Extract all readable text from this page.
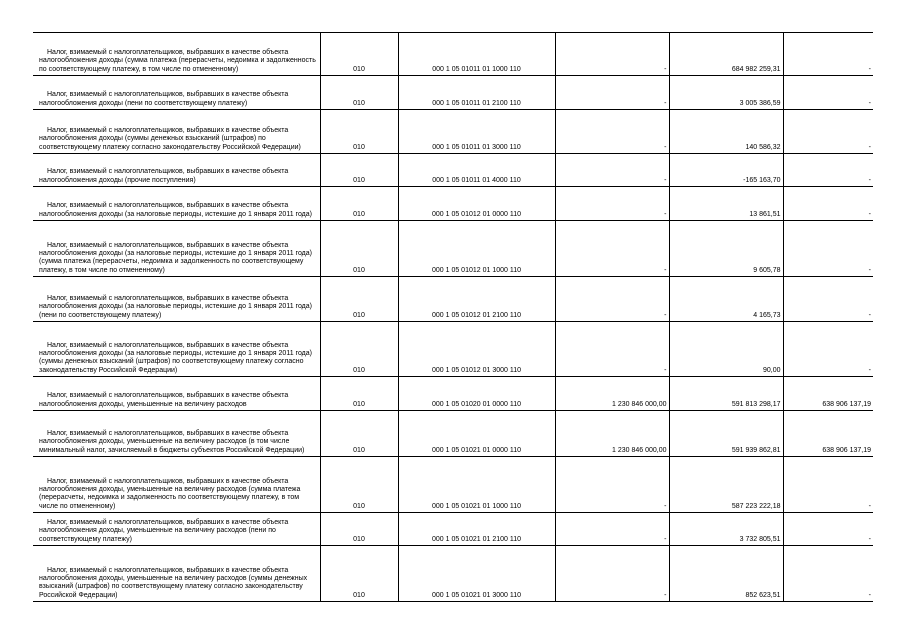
Налог, взимаемый с налогоплательщиков, выбравших в качестве объекта налогообложения доходы (сумма платежа (перерасчеты, недоимка и задолженность по соответствующему платежу, в том числе по отмененному)	010	000 1 05 01011 01 1000 110	-	684 982 259,31	-

Налог, взимаемый с налогоплательщиков, выбравших в качестве объекта налогообложения доходы (пени по соответствующему платежу)	010	000 1 05 01011 01 2100 110	-	3 005 386,59	-

Налог, взимаемый с налогоплательщиков, выбравших в качестве объекта налогообложения доходы (суммы денежных взысканий (штрафов) по соответствующему платежу согласно законодательству Российской Федерации)	010	000 1 05 01011 01 3000 110	-	140 586,32	-

Налог, взимаемый с налогоплательщиков, выбравших в качестве объекта налогообложения доходы (прочие поступления)	010	000 1 05 01011 01 4000 110	-	-165 163,70	-

Налог, взимаемый с налогоплательщиков, выбравших в качестве объекта налогообложения доходы (за налоговые периоды, истекшие до 1 января 2011 года)	010	000 1 05 01012 01 0000 110	-	13 861,51	-

Налог, взимаемый с налогоплательщиков, выбравших в качестве объекта налогообложения доходы (за налоговые периоды, истекшие до 1 января 2011 года) (сумма платежа (перерасчеты, недоимка и задолженность по соответствующему платежу, в том числе по отмененному)	010	000 1 05 01012 01 1000 110	-	9 605,78	-

Налог, взимаемый с налогоплательщиков, выбравших в качестве объекта налогообложения доходы (за налоговые периоды, истекшие до 1 января 2011 года) (пени по соответствующему платежу)	010	000 1 05 01012 01 2100 110	-	4 165,73	-

Налог, взимаемый с налогоплательщиков, выбравших в качестве объекта налогообложения доходы (за налоговые периоды, истекшие до 1 января 2011 года) (суммы денежных взысканий (штрафов) по соответствующему платежу согласно законодательству Российской Федерации)	010	000 1 05 01012 01 3000 110	-	90,00	-

Налог, взимаемый с налогоплательщиков, выбравших в качестве объекта налогообложения доходы, уменьшенные на величину расходов	010	000 1 05 01020 01 0000 110	1 230 846 000,00	591 813 298,17	638 906 137,19

Налог, взимаемый с налогоплательщиков, выбравших в качестве объекта налогообложения доходы, уменьшенные на величину расходов (в том числе минимальный налог, зачисляемый в бюджеты субъектов Российской Федерации)	010	000 1 05 01021 01 0000 110	1 230 846 000,00	591 939 862,81	638 906 137,19

Налог, взимаемый с налогоплательщиков, выбравших в качестве объекта налогообложения доходы, уменьшенные на величину расходов (сумма платежа (перерасчеты, недоимка и задолженность по соответствующему платежу, в том числе по отмененному)	010	000 1 05 01021 01 1000 110	-	587 223 222,18	-

Налог, взимаемый с налогоплательщиков, выбравших в качестве объекта налогообложения доходы, уменьшенные на величину расходов (пени по соответствующему платежу)	010	000 1 05 01021 01 2100 110	-	3 732 805,51	-

Налог, взимаемый с налогоплательщиков, выбравших в качестве объекта налогообложения доходы, уменьшенные на величину расходов (суммы денежных взысканий (штрафов) по соответствующему платежу согласно законодательству Российской Федерации)	010	000 1 05 01021 01 3000 110	-	852 623,51	-
